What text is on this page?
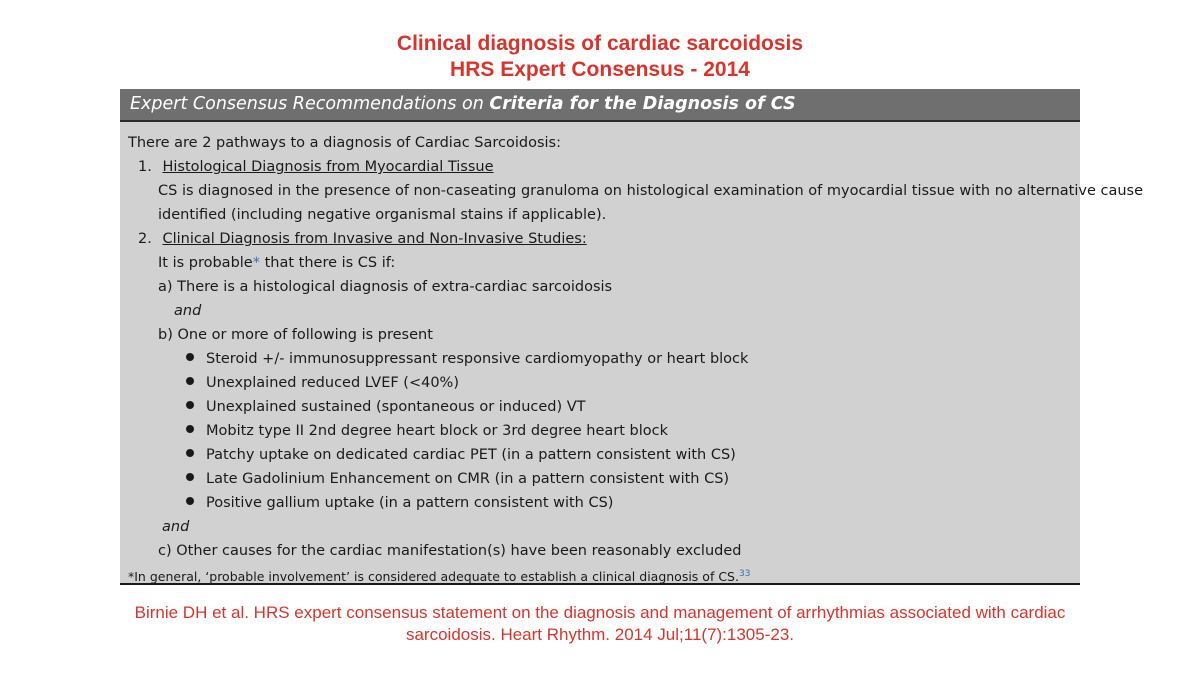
Clinical diagnosis of cardiac sarcoidosis
HRS Expert Consensus - 2014
Expert Consensus Recommendations on Criteria for the Diagnosis of CS
There are 2 pathways to a diagnosis of Cardiac Sarcoidosis:
1. Histological Diagnosis from Myocardial Tissue
CS is diagnosed in the presence of non-caseating granuloma on histological examination of myocardial tissue with no alternative cause
identified (including negative organismal stains if applicable).
2. Clinical Diagnosis from Invasive and Non-Invasive Studies:
It is probable* that there is CS if:
a) There is a histological diagnosis of extra-cardiac sarcoidosis
and
b) One or more of following is present
Steroid +/- immunosuppressant responsive cardiomyopathy or heart block
Unexplained reduced LVEF (<40%)
Unexplained sustained (spontaneous or induced) VT
Mobitz type II 2nd degree heart block or 3rd degree heart block
Patchy uptake on dedicated cardiac PET (in a pattern consistent with CS)
Late Gadolinium Enhancement on CMR (in a pattern consistent with CS)
Positive gallium uptake (in a pattern consistent with CS)
and
c) Other causes for the cardiac manifestation(s) have been reasonably excluded
*In general, ‘probable involvement’ is considered adequate to establish a clinical diagnosis of CS.$^{33}$
Birnie DH et al. HRS expert consensus statement on the diagnosis and management of arrhythmias associated with cardiac
sarcoidosis. Heart Rhythm. 2014 Jul;11(7):1305-23.
